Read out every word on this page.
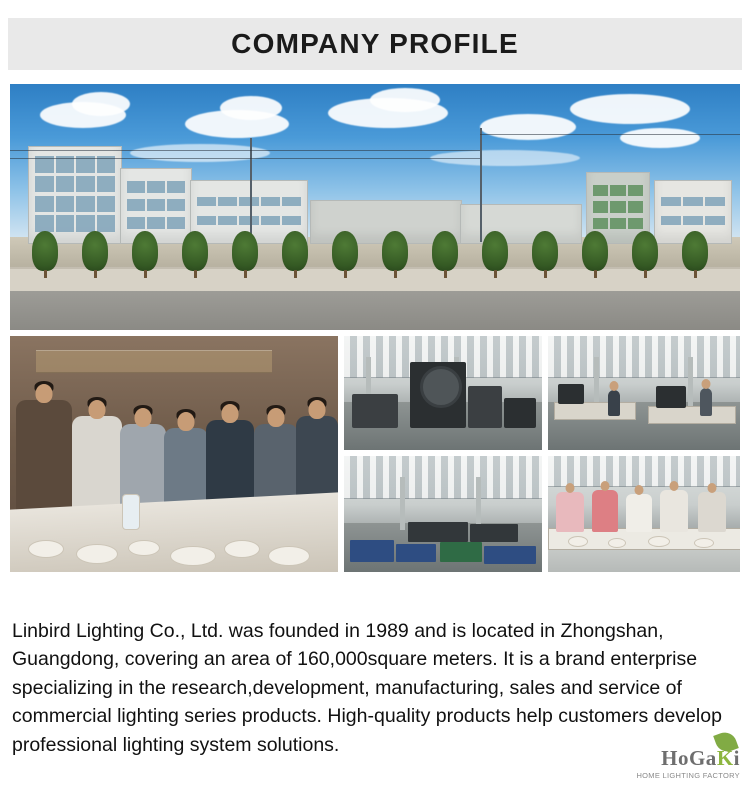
COMPANY PROFILE

Linbird Lighting Co., Ltd. was founded in 1989 and is located in Zhongshan, Guangdong, covering an area of 160,000square meters. It is a brand enterprise specializing in the research,development, manufacturing, sales and service of commercial lighting series products. High-quality products help customers develop professional lighting system solutions.

HoGaKi
HOME LIGHTING FACTORY
